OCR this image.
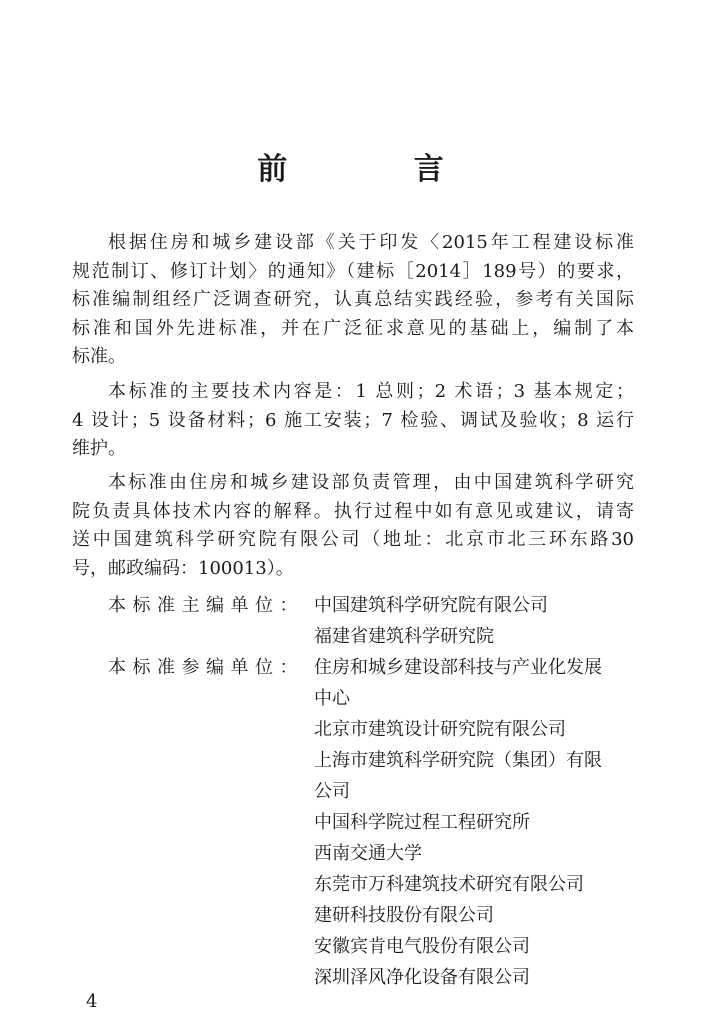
前 言

根据住房和城乡建设部《关于印发〈2015年工程建设标准
规范制订、修订计划〉的通知》（建标［2014］189号）的要求，
标准编制组经广泛调查研究，认真总结实践经验，参考有关国际
标准和国外先进标准，并在广泛征求意见的基础上，编制了本
标准。

本标准的主要技术内容是：1 总则；2 术语；3 基本规定；
4 设计；5 设备材料；6 施工安装；7 检验、调试及验收；8 运行
维护。

本标准由住房和城乡建设部负责管理，由中国建筑科学研究
院负责具体技术内容的解释。执行过程中如有意见或建议，请寄
送中国建筑科学研究院有限公司（地址：北京市北三环东路30
号，邮政编码：100013）。

本标准主编单位： 中国建筑科学研究院有限公司
福建省建筑科学研究院
本标准参编单位： 住房和城乡建设部科技与产业化发展
中心
北京市建筑设计研究院有限公司
上海市建筑科学研究院（集团）有限
公司
中国科学院过程工程研究所
西南交通大学
东莞市万科建筑技术研究有限公司
建研科技股份有限公司
安徽宾肯电气股份有限公司
深圳泽风净化设备有限公司
4
